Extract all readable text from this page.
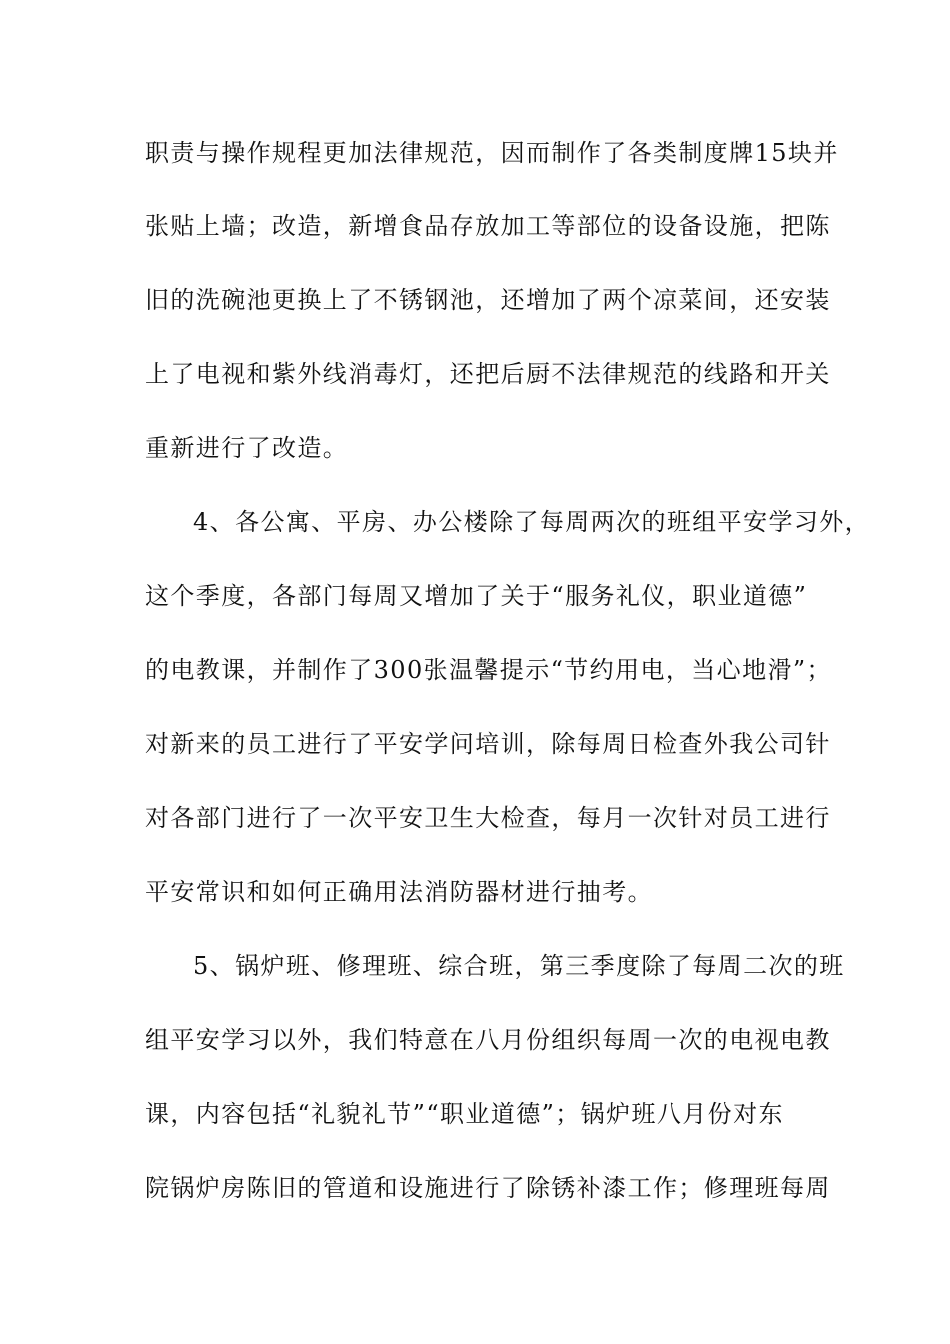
职责与操作规程更加法律规范，因而制作了各类制度牌15块并
张贴上墙；改造，新增食品存放加工等部位的设备设施，把陈
旧的洗碗池更换上了不锈钢池，还增加了两个凉菜间，还安装
上了电视和紫外线消毒灯，还把后厨不法律规范的线路和开关
重新进行了改造。
4、各公寓、平房、办公楼除了每周两次的班组平安学习外，
这个季度，各部门每周又增加了关于“服务礼仪，职业道德”
的电教课，并制作了300张温馨提示“节约用电，当心地滑”；
对新来的员工进行了平安学问培训，除每周日检查外我公司针
对各部门进行了一次平安卫生大检查，每月一次针对员工进行
平安常识和如何正确用法消防器材进行抽考。
5、锅炉班、修理班、综合班，第三季度除了每周二次的班
组平安学习以外，我们特意在八月份组织每周一次的电视电教
课，内容包括“礼貌礼节”“职业道德”；锅炉班八月份对东
院锅炉房陈旧的管道和设施进行了除锈补漆工作；修理班每周
